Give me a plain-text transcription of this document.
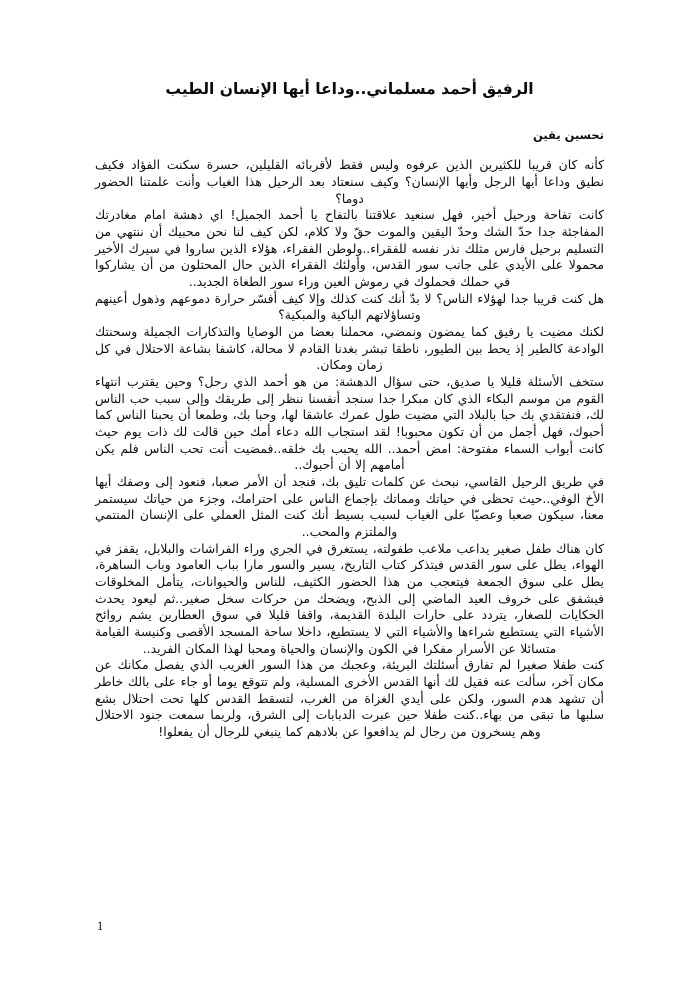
الرفيق أحمد مسلماني..وداعا أيها الإنسان الطيب
تحسين يقين

كأنه كان قريبا للكثيرين الذين عرفوه وليس فقط لأقربائه القليلين، حسرة سكنت الفؤاد فكيف نطيق وداعا أيها الرجل وأيها الإنسان؟ وكيف سنعتاد بعد الرحيل هذا الغياب وأنت علمتنا الحضور دوما؟

كانت تفاحة ورحيل أخير، فهل سنعيد علاقتنا بالتفاح يا أحمد الجميل! اي دهشة امام مغادرتك المفاجئة جدا حدّ الشك وحدّ اليقين والموت حقّ ولا كلام، لكن كيف لنا نحن محبيك أن ننتهي من التسليم برحيل فارس مثلك نذر نفسه للفقراء..ولوطن الفقراء، هؤلاء الذين ساروا في سيرك الأخير محمولا على الأيدي على جانب سور القدس، وأولئك الفقراء الذين حال المحتلون من أن يشاركوا في حملك فحملوك في رموش العين وراء سور الطغاة الجديد..

هل كنت قريبا جدا لهؤلاء الناس؟ لا بدّ أنك كنت كذلك وإلا كيف أفسّر حرارة دموعهم وذهول أعينهم وتساؤلاتهم الباكية والمبكية؟

لكنك مضيت يا رفيق كما يمضون ونمضي، محملنا بعضا من الوصايا والتذكارات الجميلة وسحنتك الوادعة كالطير إذ يحط بين الطيور، ناطقا تبشر بغدنا القادم لا محالة، كاشفا بشاعة الاحتلال في كل زمان ومكان.

ستخف الأسئلة قليلا يا صديق، حتى سؤال الدهشة: من هو أحمد الذي رحل؟ وحين يقترب انتهاء القوم من موسم البكاء الذي كان مبكرا جدا سنجد أنفسنا ننظر إلى طريقك وإلى سبب حب الناس لك، فنفتقدي بك حبا بالبلاد التي مضيت طول عمرك عاشقا لها، وحبا بك، وطمعا أن يحبنا الناس كما أحبوك، فهل أجمل من أن تكون محبوبا! لقد استجاب الله دعاء أمك حين قالت لك ذات يوم حيث كانت أبواب السماء مفتوحة: امض أحمد.. الله يحبب بك خلقه..فمضيت أنت تحب الناس فلم يكن أمامهم إلا أن أحبوك..

في طريق الرحيل القاسي، نبحث عن كلمات تليق بك، فنجد أن الأمر صعبا، فنعود إلى وصفك أيها الأخ الوفي..حيث تحظى في حياتك ومماتك بإجماع الناس على احترامك، وجزء من حياتك سيستمر معنا، سيكون صعبا وعصيّا على الغياب لسبب بسيط أنك كنت المثل العملي على الإنسان المنتمي والملتزم والمحب..

كان هناك طفل صغير يداعب ملاعب طفولته، يستغرق في الجري وراء الفراشات والبلابل، يقفز في الهواء، يطل على سور القدس فيتذكر كتاب التاريخ، يسير والسور مارا بباب العامود وباب الساهرة، يطل على سوق الجمعة فيتعجب من هذا الحضور الكثيف، للناس والحيوانات، يتأمل المخلوقات فيشفق على خروف العيد الماضي إلى الذبح، ويضحك من حركات سخل صغير..ثم ليعود يحدث الحكايات للصغار، يتردد على حارات البلدة القديمة، واقفا قليلا في سوق العطارين يشم روائح الأشياء التي يستطيع شراءها والأشياء التي لا يستطيع، داخلا ساحة المسجد الأقصى وكنيسة القيامة متسائلا عن الأسرار مفكرا في الكون والإنسان والحياة ومحبا لهذا المكان الفريد..

كنت طفلا صغيرا لم تفارق أسئلتك البريئة، وعجبك من هذا السور الغريب الذي يفصل مكانك عن مكان آخر، سألت عنه فقيل لك أنها القدس الأخرى المسلية، ولم تتوقع يوما أو جاء على بالك خاطر أن تشهد هدم السور، ولكن على أيدي الغزاة من الغرب، لتسقط القدس كلها تحت احتلال بشع سلبها ما تبقى من بهاء..كنت طفلا حين عبرت الدبابات إلى الشرق، ولربما سمعت جنود الاحتلال وهم يسخرون من رجال لم يدافعوا عن بلادهم كما ينبغي للرجال أن يفعلوا!

1
